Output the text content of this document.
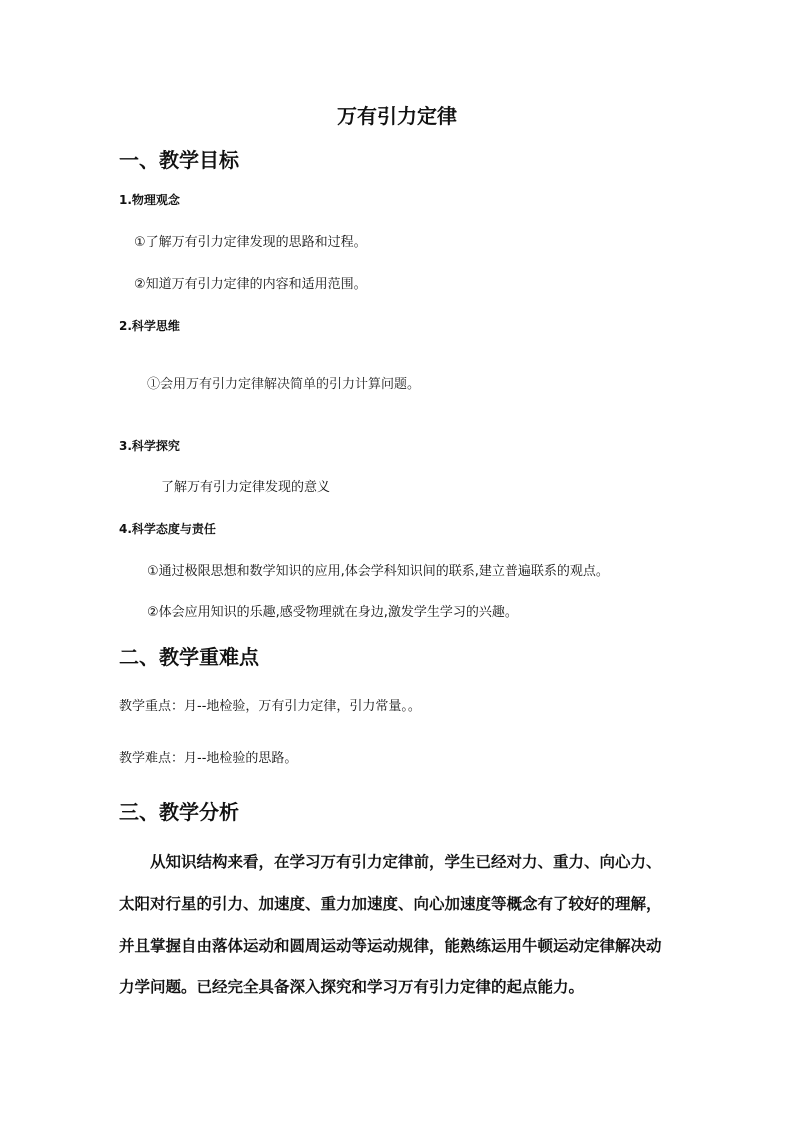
万有引力定律
一、教学目标
1.物理观念
①了解万有引力定律发现的思路和过程。
②知道万有引力定律的内容和适用范围。
2.科学思维
①会用万有引力定律解决简单的引力计算问题。
3.科学探究
了解万有引力定律发现的意义
4.科学态度与责任
①通过极限思想和数学知识的应用,体会学科知识间的联系,建立普遍联系的观点。
②体会应用知识的乐趣,感受物理就在身边,激发学生学习的兴趣。
二、教学重难点
教学重点：月--地检验，万有引力定律，引力常量。。
教学难点：月--地检验的思路。
三、教学分析
从知识结构来看，在学习万有引力定律前，学生已经对力、重力、向心力、
太阳对行星的引力、加速度、重力加速度、向心加速度等概念有了较好的理解，
并且掌握自由落体运动和圆周运动等运动规律，能熟练运用牛顿运动定律解决动
力学问题。已经完全具备深入探究和学习万有引力定律的起点能力。
